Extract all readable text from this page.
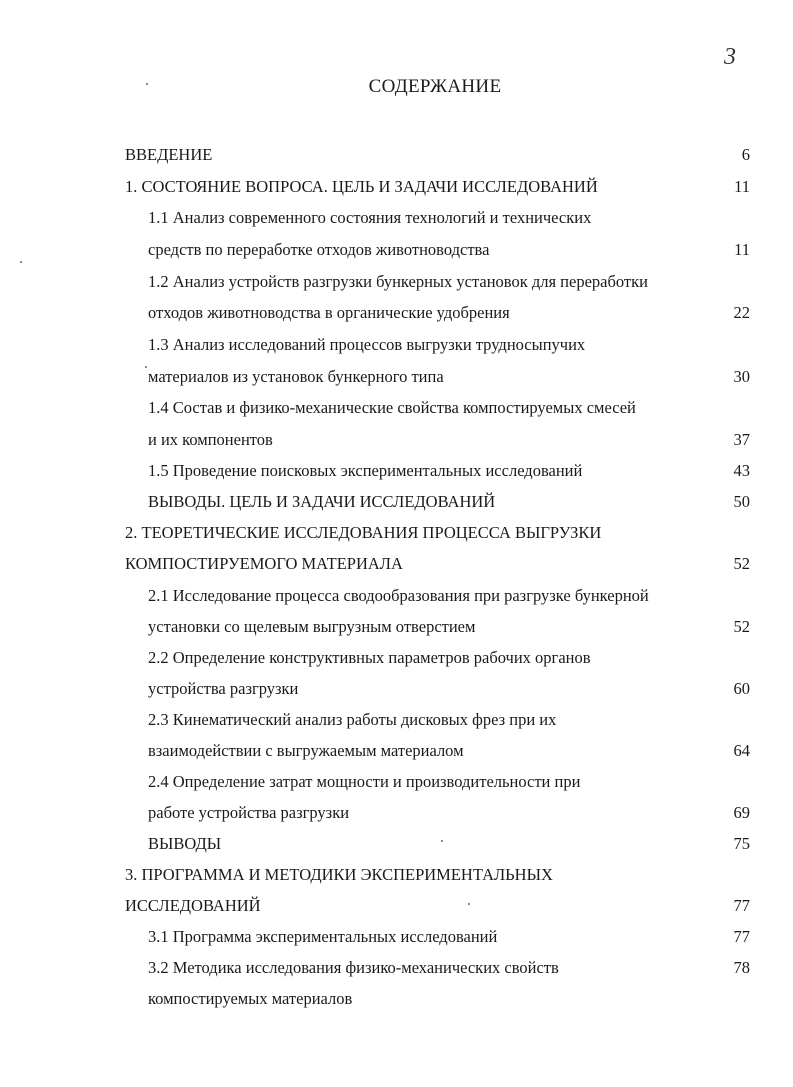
3
СОДЕРЖАНИЕ
ВВЕДЕНИЕ	6
1. СОСТОЯНИЕ ВОПРОСА. ЦЕЛЬ И ЗАДАЧИ ИССЛЕДОВАНИЙ	11
1.1 Анализ современного состояния технологий и технических
средств по переработке отходов животноводства	11
1.2 Анализ устройств разгрузки бункерных установок для переработки
отходов животноводства в органические удобрения	22
1.3 Анализ исследований процессов выгрузки трудносыпучих
материалов из установок бункерного типа	30
1.4 Состав и физико-механические свойства компостируемых смесей
и их компонентов	37
1.5 Проведение поисковых экспериментальных исследований	43
ВЫВОДЫ. ЦЕЛЬ И ЗАДАЧИ ИССЛЕДОВАНИЙ	50
2. ТЕОРЕТИЧЕСКИЕ ИССЛЕДОВАНИЯ ПРОЦЕССА ВЫГРУЗКИ
КОМПОСТИРУЕМОГО МАТЕРИАЛА	52
2.1 Исследование процесса сводообразования при разгрузке бункерной
установки со щелевым выгрузным отверстием	52
2.2 Определение конструктивных параметров рабочих органов
устройства разгрузки	60
2.3 Кинематический анализ работы дисковых фрез при их
взаимодействии с выгружаемым материалом	64
2.4 Определение затрат мощности и производительности при
работе устройства разгрузки	69
ВЫВОДЫ	75
3. ПРОГРАММА И МЕТОДИКИ ЭКСПЕРИМЕНТАЛЬНЫХ
ИССЛЕДОВАНИЙ	77
3.1 Программа экспериментальных исследований	77
3.2 Методика исследования физико-механических свойств	78
компостируемых материалов
